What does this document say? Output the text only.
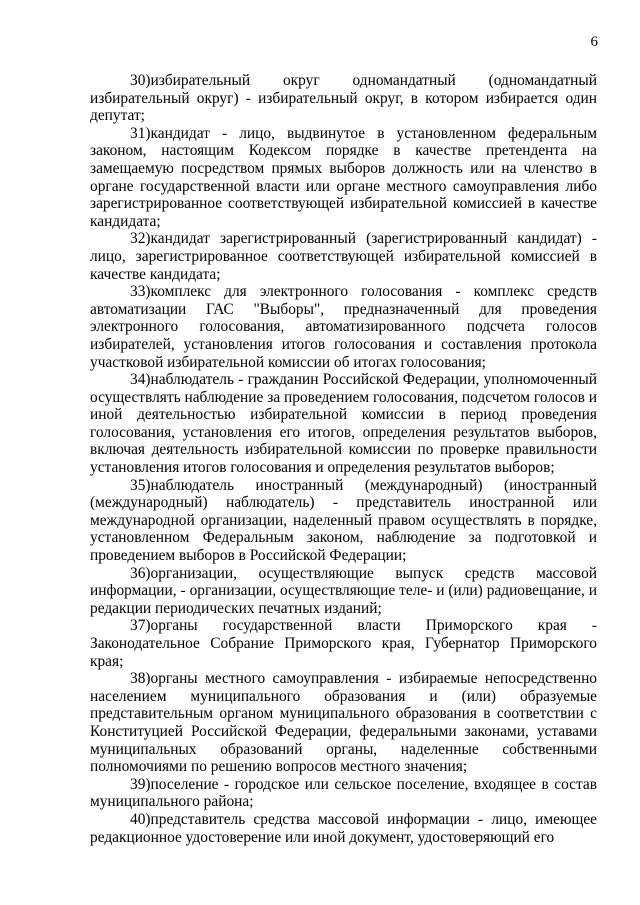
6

30)избирательный округ одномандатный (одномандатный избирательный округ) - избирательный округ, в котором избирается один депутат;

31)кандидат - лицо, выдвинутое в установленном федеральным законом, настоящим Кодексом порядке в качестве претендента на замещаемую посредством прямых выборов должность или на членство в органе государственной власти или органе местного самоуправления либо зарегистрированное соответствующей избирательной комиссией в качестве кандидата;

32)кандидат зарегистрированный (зарегистрированный кандидат) - лицо, зарегистрированное соответствующей избирательной комиссией в качестве кандидата;

33)комплекс для электронного голосования - комплекс средств автоматизации ГАС "Выборы", предназначенный для проведения электронного голосования, автоматизированного подсчета голосов избирателей, установления итогов голосования и составления протокола участковой избирательной комиссии об итогах голосования;

34)наблюдатель - гражданин Российской Федерации, уполномоченный осуществлять наблюдение за проведением голосования, подсчетом голосов и иной деятельностью избирательной комиссии в период проведения голосования, установления его итогов, определения результатов выборов, включая деятельность избирательной комиссии по проверке правильности установления итогов голосования и определения результатов выборов;

35)наблюдатель иностранный (международный) (иностранный (международный) наблюдатель) - представитель иностранной или международной организации, наделенный правом осуществлять в порядке, установленном Федеральным законом, наблюдение за подготовкой и проведением выборов в Российской Федерации;

36)организации, осуществляющие выпуск средств массовой информации, - организации, осуществляющие теле- и (или) радиовещание, и редакции периодических печатных изданий;

37)органы государственной власти Приморского края - Законодательное Собрание Приморского края, Губернатор Приморского края;

38)органы местного самоуправления - избираемые непосредственно населением муниципального образования и (или) образуемые представительным органом муниципального образования в соответствии с Конституцией Российской Федерации, федеральными законами, уставами муниципальных образований органы, наделенные собственными полномочиями по решению вопросов местного значения;

39)поселение - городское или сельское поселение, входящее в состав муниципального района;

40)представитель средства массовой информации - лицо, имеющее редакционное удостоверение или иной документ, удостоверяющий его
